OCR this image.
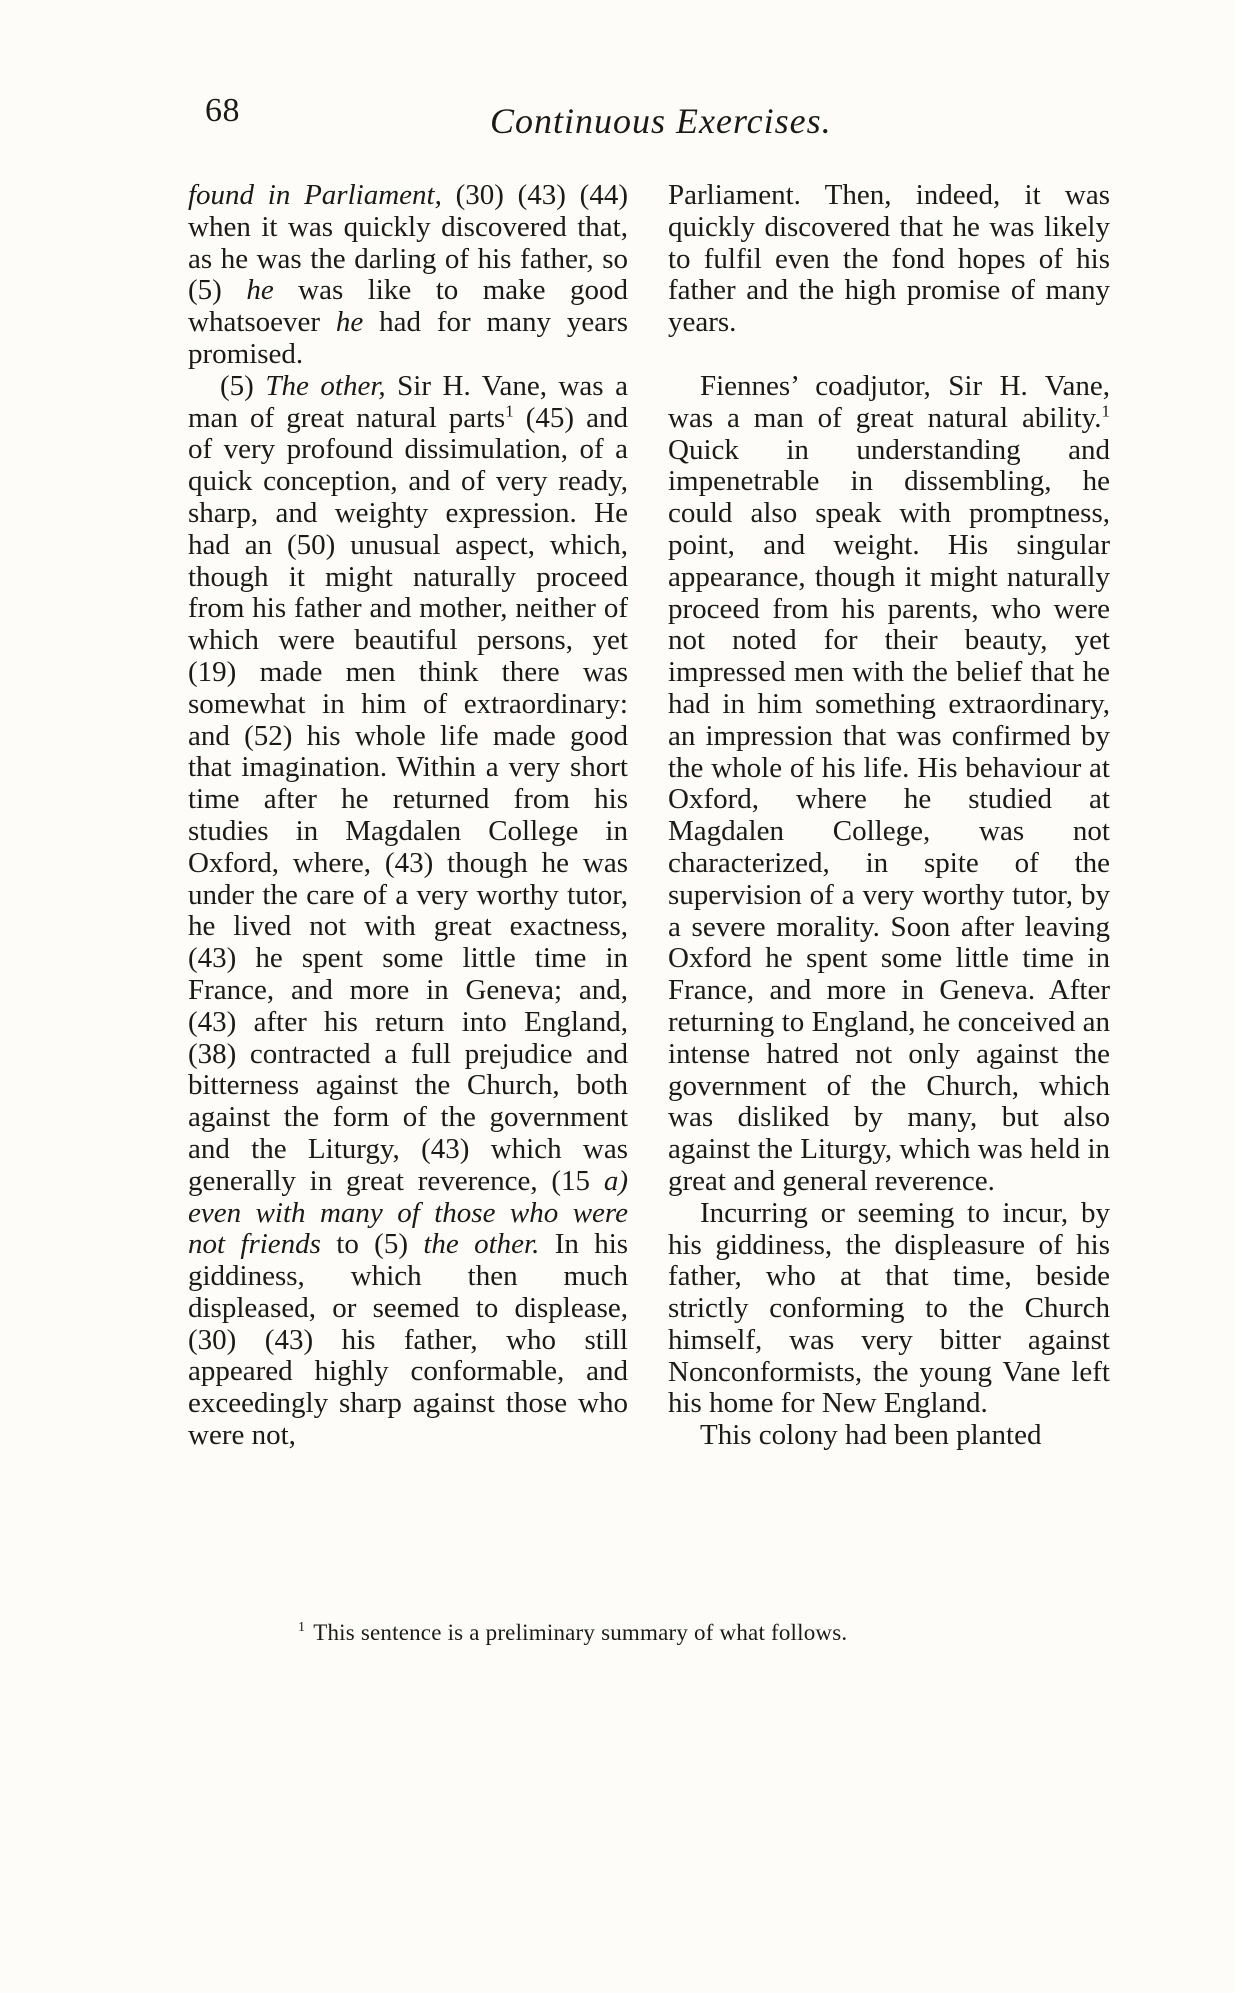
68	Continuous Exercises.

found in Parliament, (30) (43) (44) when it was quickly discovered that, as he was the darling of his father, so (5) he was like to make good whatsoever he had for many years promised.

(5) The other, Sir H. Vane, was a man of great natural parts$^1$ (45) and of very profound dissimulation, of a quick conception, and of very ready, sharp, and weighty expression. He had an (50) unusual aspect, which, though it might naturally proceed from his father and mother, neither of which were beautiful persons, yet (19) made men think there was somewhat in him of extraordinary: and (52) his whole life made good that imagination. Within a very short time after he returned from his studies in Magdalen College in Oxford, where, (43) though he was under the care of a very worthy tutor, he lived not with great exactness, (43) he spent some little time in France, and more in Geneva; and, (43) after his return into England, (38) contracted a full prejudice and bitterness against the Church, both against the form of the government and the Liturgy, (43) which was generally in great reverence, (15 a) even with many of those who were not friends to (5) the other. In his giddiness, which then much displeased, or seemed to displease, (30) (43) his father, who still appeared highly conformable, and exceedingly sharp against those who were not,

Parliament. Then, indeed, it was quickly discovered that he was likely to fulfil even the fond hopes of his father and the high promise of many years.

Fiennes’ coadjutor, Sir H. Vane, was a man of great natural ability.$^1$ Quick in understanding and impenetrable in dissembling, he could also speak with promptness, point, and weight. His singular appearance, though it might naturally proceed from his parents, who were not noted for their beauty, yet impressed men with the belief that he had in him something extraordinary, an impression that was confirmed by the whole of his life. His behaviour at Oxford, where he studied at Magdalen College, was not characterized, in spite of the supervision of a very worthy tutor, by a severe morality. Soon after leaving Oxford he spent some little time in France, and more in Geneva. After returning to England, he conceived an intense hatred not only against the government of the Church, which was disliked by many, but also against the Liturgy, which was held in great and general reverence.

Incurring or seeming to incur, by his giddiness, the displeasure of his father, who at that time, beside strictly conforming to the Church himself, was very bitter against Nonconformists, the young Vane left his home for New England.

This colony had been planted

$^1$ This sentence is a preliminary summary of what follows.
